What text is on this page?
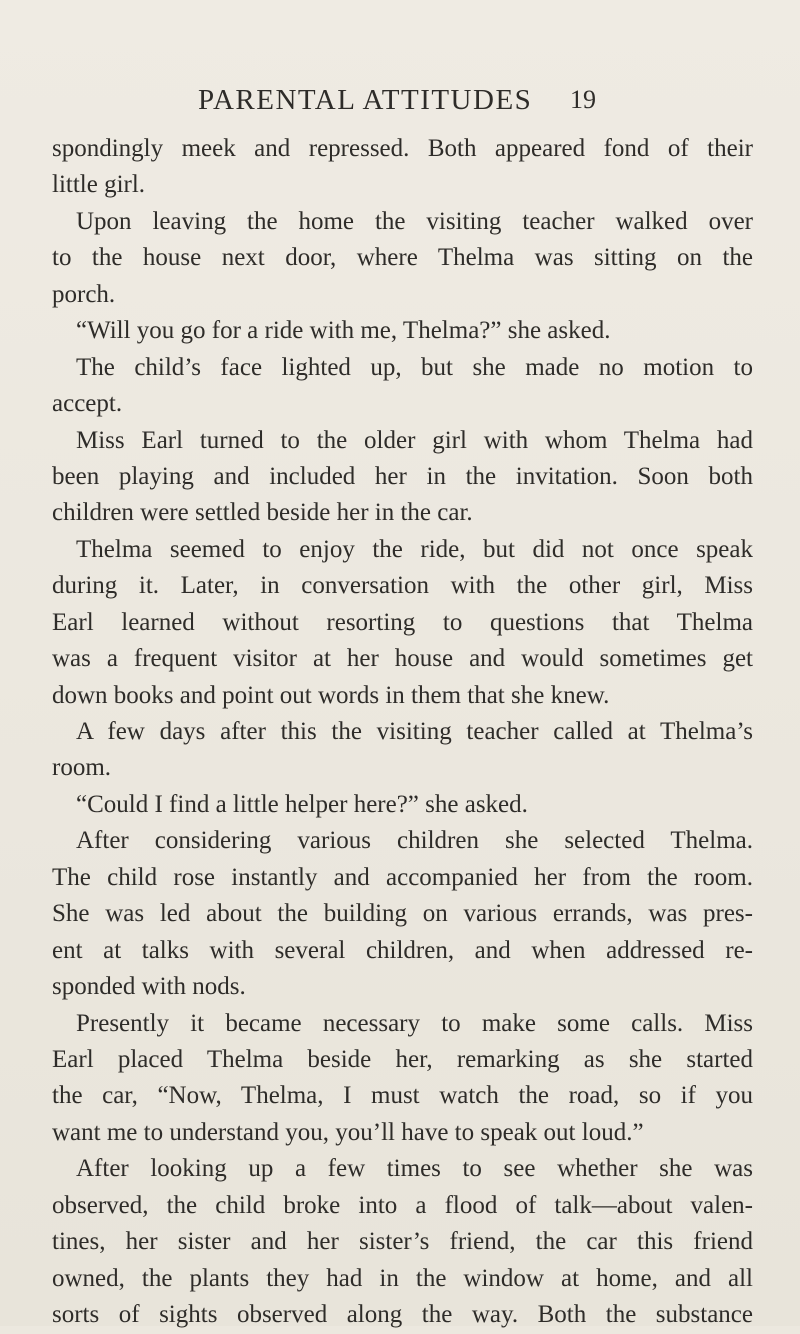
PARENTAL ATTITUDES 19
spondingly meek and repressed. Both appeared fond of their
little girl.
Upon leaving the home the visiting teacher walked over
to the house next door, where Thelma was sitting on the
porch.
“Will you go for a ride with me, Thelma?” she asked.
The child’s face lighted up, but she made no motion to
accept.
Miss Earl turned to the older girl with whom Thelma had
been playing and included her in the invitation. Soon both
children were settled beside her in the car.
Thelma seemed to enjoy the ride, but did not once speak
during it. Later, in conversation with the other girl, Miss
Earl learned without resorting to questions that Thelma
was a frequent visitor at her house and would sometimes get
down books and point out words in them that she knew.
A few days after this the visiting teacher called at Thelma’s
room.
“Could I find a little helper here?” she asked.
After considering various children she selected Thelma.
The child rose instantly and accompanied her from the room.
She was led about the building on various errands, was pres-
ent at talks with several children, and when addressed re-
sponded with nods.
Presently it became necessary to make some calls. Miss
Earl placed Thelma beside her, remarking as she started
the car, “Now, Thelma, I must watch the road, so if you
want me to understand you, you’ll have to speak out loud.”
After looking up a few times to see whether she was
observed, the child broke into a flood of talk—about valen-
tines, her sister and her sister’s friend, the car this friend
owned, the plants they had in the window at home, and all
sorts of sights observed along the way. Both the substance
